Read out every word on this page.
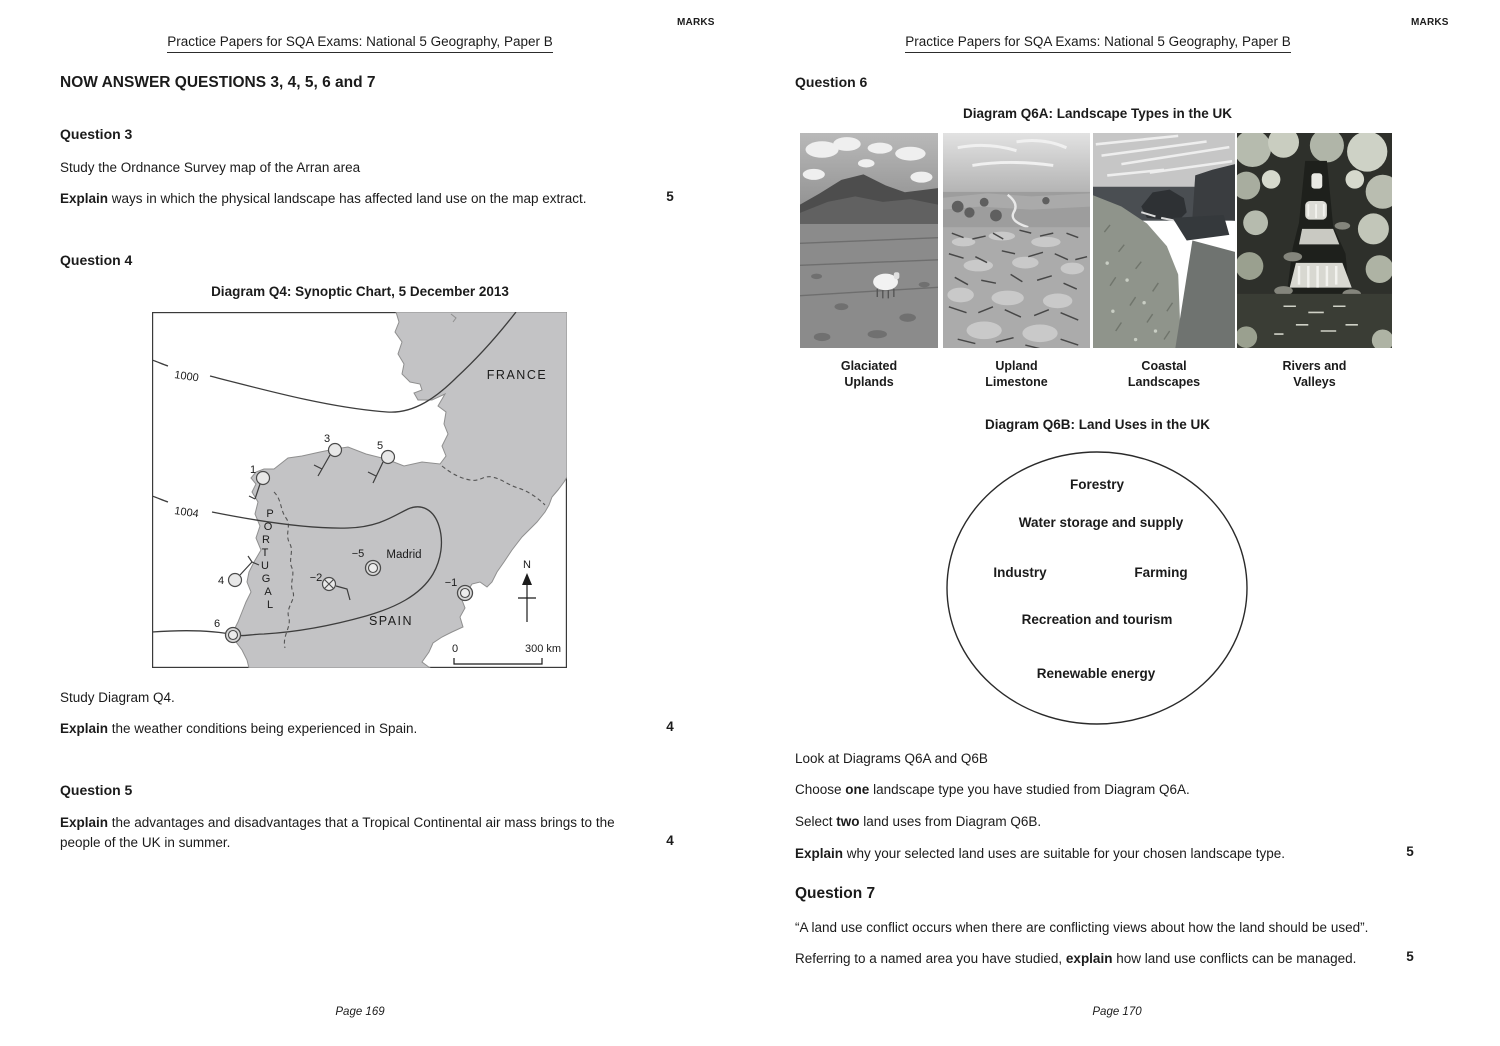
MARKS
Practice Papers for SQA Exams: National 5 Geography, Paper B
NOW ANSWER QUESTIONS 3, 4, 5, 6 and 7
Question 3
Study the Ordnance Survey map of the Arran area
Explain ways in which the physical landscape has affected land use on the map extract.	5
Question 4
Diagram Q4: Synoptic Chart, 5 December 2013
1000
1004
FRANCE
SPAIN
P
O
R
T
U
G
A
L
1
3
5
4
6
−5 Madrid
−2	−1
N
0	300 km
Study Diagram Q4.
Explain the weather conditions being experienced in Spain.	4
Question 5
Explain the advantages and disadvantages that a Tropical Continental air mass brings to the
people of the UK in summer.	4
Page 169
MARKS
Practice Papers for SQA Exams: National 5 Geography, Paper B
Question 6
Diagram Q6A: Landscape Types in the UK
Glaciated
Uplands
Upland
Limestone
Coastal
Landscapes
Rivers and
Valleys
Diagram Q6B: Land Uses in the UK
Forestry
Water storage and supply
Industry	Farming
Recreation and tourism
Renewable energy
Look at Diagrams Q6A and Q6B
Choose one landscape type you have studied from Diagram Q6A.
Select two land uses from Diagram Q6B.
Explain why your selected land uses are suitable for your chosen landscape type.	5
Question 7
“A land use conflict occurs when there are conflicting views about how the land should be used”.
Referring to a named area you have studied, explain how land use conflicts can be managed.	5
Page 170
